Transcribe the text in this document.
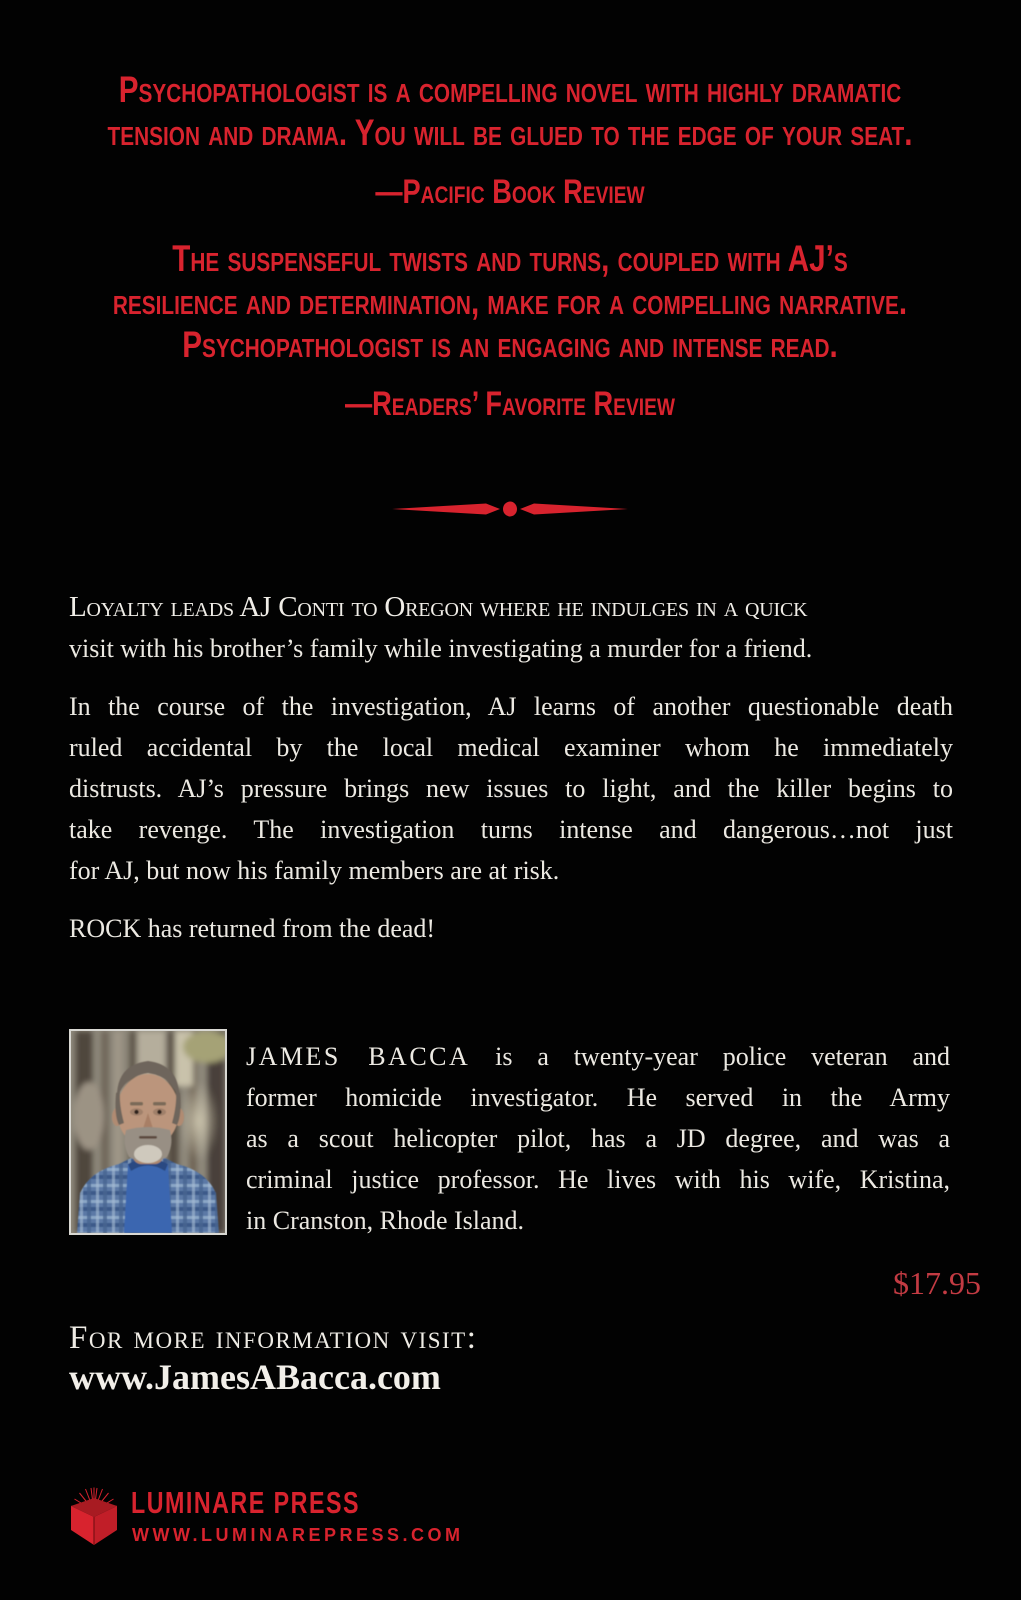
Psychopathologist is a compelling novel with highly dramatic
tension and drama. You will be glued to the edge of your seat.
—Pacific Book Review
The suspenseful twists and turns, coupled with AJ’s
resilience and determination, make for a compelling narrative.
Psychopathologist is an engaging and intense read.
—Readers’ Favorite Review
Loyalty leads AJ Conti to Oregon where he indulges in a quick
visit with his brother’s family while investigating a murder for a friend.
In the course of the investigation, AJ learns of another questionable death
ruled accidental by the local medical examiner whom he immediately
distrusts. AJ’s pressure brings new issues to light, and the killer begins to
take revenge. The investigation turns intense and dangerous…not just
for AJ, but now his family members are at risk.
ROCK has returned from the dead!
JAMES BACCA is a twenty-year police veteran and
former homicide investigator. He served in the Army
as a scout helicopter pilot, has a JD degree, and was a
criminal justice professor. He lives with his wife, Kristina,
in Cranston, Rhode Island.
$17.95
For more information visit:
www.JamesABacca.com
LUMINARE PRESS
WWW.LUMINAREPRESS.COM
